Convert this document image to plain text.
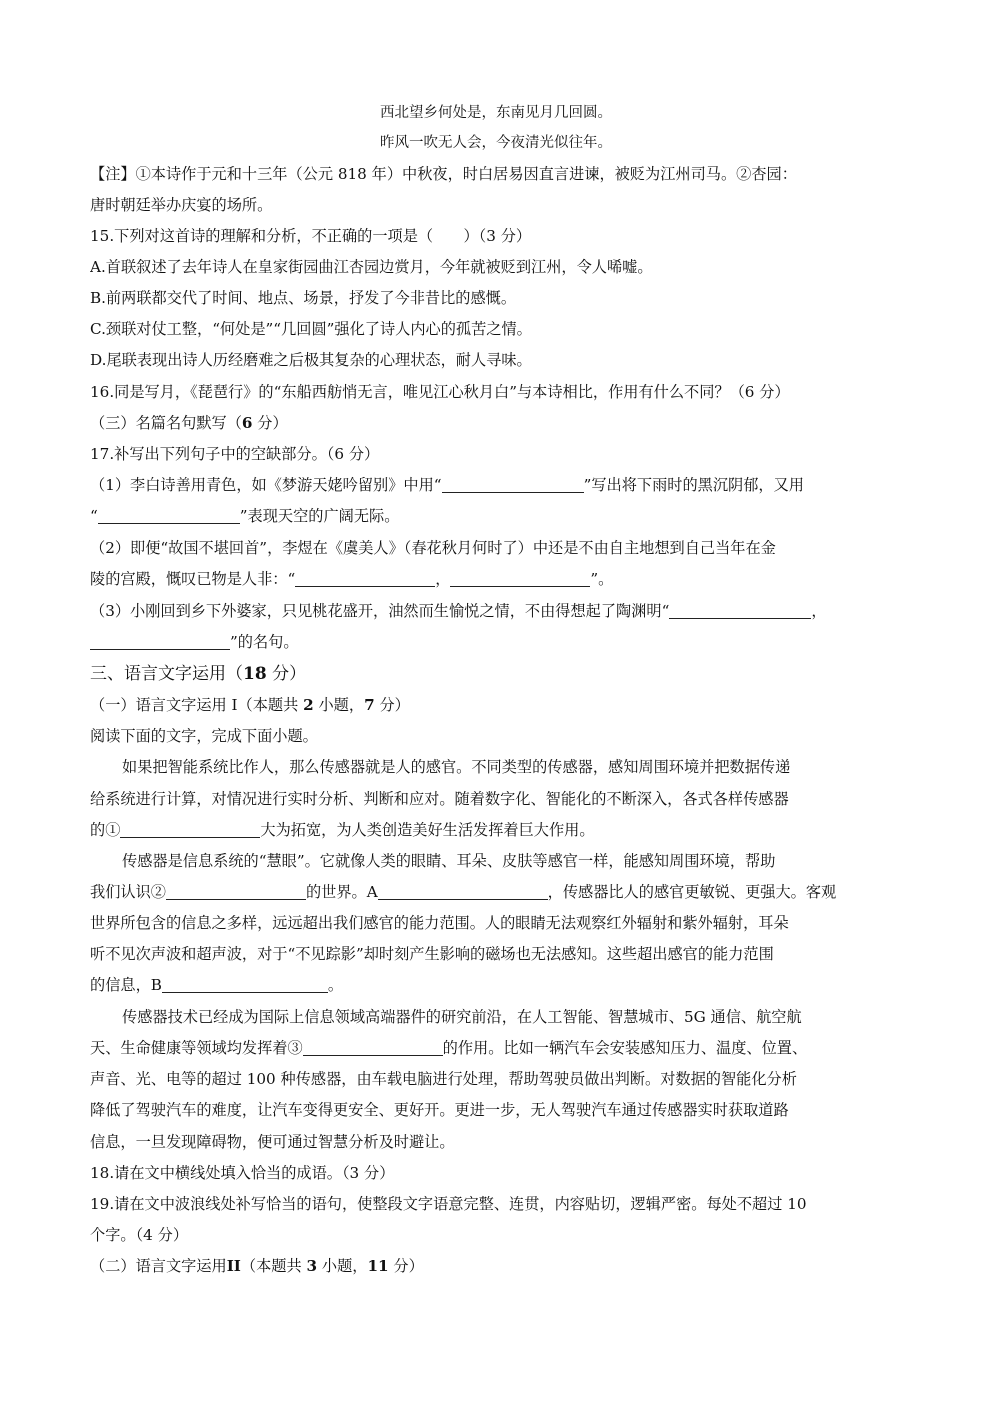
西北望乡何处是，东南见月几回圆。
昨风一吹无人会，今夜清光似往年。
【注】①本诗作于元和十三年（公元 818 年）中秋夜，时白居易因直言进谏，被贬为江州司马。②杏园：
唐时朝廷举办庆宴的场所。
15.下列对这首诗的理解和分析，不正确的一项是（　　）（3 分）
A.首联叙述了去年诗人在皇家街园曲江杏园边赏月，今年就被贬到江州，令人唏嘘。
B.前两联都交代了时间、地点、场景，抒发了今非昔比的感慨。
C.颈联对仗工整，“何处是”“几回圆”强化了诗人内心的孤苦之情。
D.尾联表现出诗人历经磨难之后极其复杂的心理状态，耐人寻味。
16.同是写月，《琵琶行》的“东船西舫悄无言，唯见江心秋月白”与本诗相比，作用有什么不同？（6 分）
（三）名篇名句默写（6 分）
17.补写出下列句子中的空缺部分。（6 分）
（1）李白诗善用青色，如《梦游天姥吟留别》中用“	”写出将下雨时的黑沉阴郁，又用
“	”表现天空的广阔无际。
（2）即便“故国不堪回首”，李煜在《虞美人》（春花秋月何时了）中还是不由自主地想到自己当年在金
陵的宫殿，慨叹已物是人非：“	，	”。
（3）小刚回到乡下外婆家，只见桃花盛开，油然而生愉悦之情，不由得想起了陶渊明“	，
”的名句。
三、语言文字运用（18 分）
（一）语言文字运用 I（本题共 2 小题，7 分）
阅读下面的文字，完成下面小题。
如果把智能系统比作人，那么传感器就是人的感官。不同类型的传感器，感知周围环境并把数据传递
给系统进行计算，对情况进行实时分析、判断和应对。随着数字化、智能化的不断深入，各式各样传感器
的①	大为拓宽，为人类创造美好生活发挥着巨大作用。
传感器是信息系统的“慧眼”。它就像人类的眼睛、耳朵、皮肤等感官一样，能感知周围环境，帮助
我们认识②	的世界。A	，传感器比人的感官更敏锐、更强大。客观
世界所包含的信息之多样，远远超出我们感官的能力范围。人的眼睛无法观察红外辐射和紫外辐射，耳朵
听不见次声波和超声波，对于“不见踪影”却时刻产生影响的磁场也无法感知。这些超出感官的能力范围
的信息，B	。
传感器技术已经成为国际上信息领域高端器件的研究前沿，在人工智能、智慧城市、5G 通信、航空航
天、生命健康等领域均发挥着③	的作用。比如一辆汽车会安装感知压力、温度、位置、
声音、光、电等的超过 100 种传感器，由车载电脑进行处理，帮助驾驶员做出判断。对数据的智能化分析
降低了驾驶汽车的难度，让汽车变得更安全、更好开。更进一步，无人驾驶汽车通过传感器实时获取道路
信息，一旦发现障碍物，便可通过智慧分析及时避让。
18.请在文中横线处填入恰当的成语。（3 分）
19.请在文中波浪线处补写恰当的语句，使整段文字语意完整、连贯，内容贴切，逻辑严密。每处不超过 10
个字。（4 分）
（二）语言文字运用II（本题共 3 小题，11 分）
